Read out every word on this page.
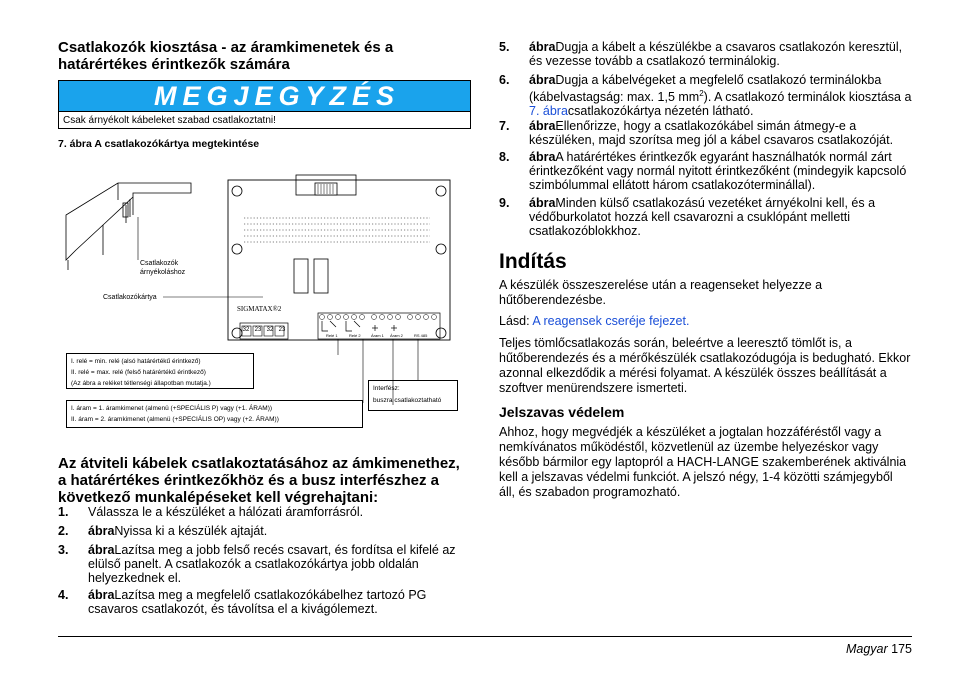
Csatlakozók kiosztása - az áramkimenetek és a határértékes érintkezők számára
MEGJEGYZÉS
Csak árnyékolt kábeleket szabad csatlakoztatni!
7. ábra A csatlakozókártya megtekintése
Csatlakozók
árnyékoláshoz
Csatlakozókártya
SIGMATAX®2
32 23 32 23
Relé 1	Relé 2	Áram 1 Áram 2	RS 485
I. relé = min. relé (alsó határértékű érintkező)
II. relé = max. relé (felső határértékű érintkező)
(Az ábra a reléket tétlenségi állapotban mutatja.)
Interfész:
buszra csatlakoztatható
I. áram = 1. áramkimenet (almenü (+SPECIÁLIS P) vagy (+1. ÁRAM))
II. áram = 2. áramkimenet (almenü (+SPECIÁLIS OP) vagy (+2. ÁRAM))
Az átviteli kábelek csatlakoztatásához az ámkimenethez, a határértékes érintkezőkhöz és a busz interfészhez a következő munkalépéseket kell végrehajtani:
1. Válassza le a készüléket a hálózati áramforrásról.
2. ábraNyissa ki a készülék ajtaját.
3. ábraLazítsa meg a jobb felső recés csavart, és fordítsa el kifelé az elülső panelt. A csatlakozók a csatlakozókártya jobb oldalán helyezkednek el.
4. ábraLazítsa meg a megfelelő csatlakozókábelhez tartozó PG csavaros csatlakozót, és távolítsa el a kivágólemezt.
5. ábraDugja a kábelt a készülékbe a csavaros csatlakozón keresztül, és vezesse tovább a csatlakozó terminálokig.
6. ábraDugja a kábelvégeket a megfelelő csatlakozó terminálokba (kábelvastagság: max. 1,5 $mm^2$). A csatlakozó terminálok kiosztása a 7. ábracsatlakozókártya nézetén látható.
7. ábraEllenőrizze, hogy a csatlakozókábel simán átmegy-e a készüléken, majd szorítsa meg jól a kábel csavaros csatlakozóját.
8. ábraA határértékes érintkezők egyaránt használhatók normál zárt érintkezőként vagy normál nyitott érintkezőként (mindegyik kapcsoló szimbólummal ellátott három csatlakozóterminállal).
9. ábraMinden külső csatlakozású vezetéket árnyékolni kell, és a védőburkolatot hozzá kell csavarozni a csuklópánt melletti csatlakozóblokkhoz.
Indítás

A készülék összeszerelése után a reagenseket helyezze a hűtőberendezésbe.

Lásd: A reagensek cseréje fejezet.

Teljes tömlőcsatlakozás során, beleértve a leeresztő tömlőt is, a hűtőberendezés és a mérőkészülék csatlakozódugója is bedugható. Ekkor azonnal elkezdődik a mérési folyamat. A készülék összes beállítását a szoftver menürendszere ismerteti.

Jelszavas védelem

Ahhoz, hogy megvédjék a készüléket a jogtalan hozzáféréstől vagy a nemkívánatos működéstől, közvetlenül az üzembe helyezéskor vagy később bármilor egy laptopról a HACH-LANGE szakemberének aktiválnia kell a jelszavas védelmi funkciót. A jelszó négy, 1-4 közötti számjegyből áll, és szabadon programozható.

Magyar 175
